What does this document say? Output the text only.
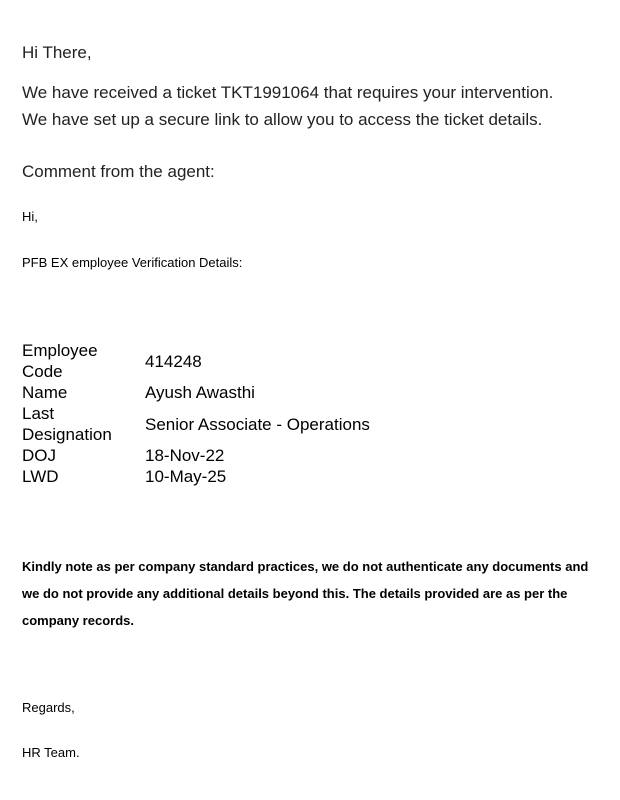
Hi There,
We have received a ticket TKT1991064 that requires your intervention.
We have set up a secure link to allow you to access the ticket details.
Comment from the agent:
Hi,
PFB EX employee Verification Details:
Employee
Code	414248

Name	Ayush Awasthi

Last
Designation	Senior Associate - Operations

DOJ	18-Nov-22

LWD	10-May-25
Kindly note as per company standard practices, we do not authenticate any documents and we do not provide any additional details beyond this. The details provided are as per the company records.
Regards,
HR Team.
